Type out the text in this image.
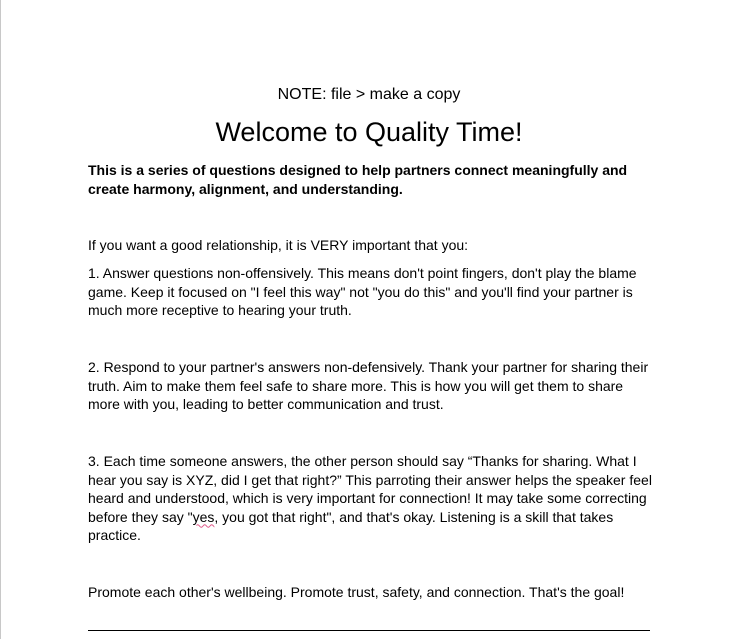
NOTE: file > make a copy
Welcome to Quality Time!
This is a series of questions designed to help partners connect meaningfully and create harmony, alignment, and understanding.
If you want a good relationship, it is VERY important that you:
1. Answer questions non-offensively. This means don't point fingers, don't play the blame game. Keep it focused on "I feel this way" not "you do this" and you'll find your partner is much more receptive to hearing your truth.
2. Respond to your partner's answers non-defensively. Thank your partner for sharing their truth. Aim to make them feel safe to share more. This is how you will get them to share more with you, leading to better communication and trust.
3. Each time someone answers, the other person should say “Thanks for sharing. What I hear you say is XYZ, did I get that right?” This parroting their answer helps the speaker feel heard and understood, which is very important for connection! It may take some correcting before they say "yes, you got that right", and that's okay. Listening is a skill that takes practice.
Promote each other's wellbeing. Promote trust, safety, and connection. That's the goal!
